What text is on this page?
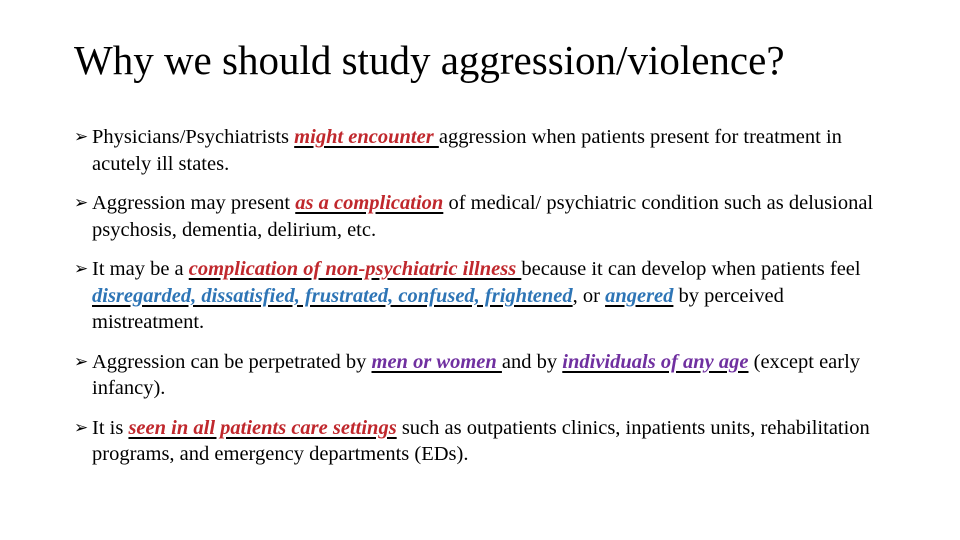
Why we should study aggression/violence?
➢ Physicians/Psychiatrists might encounter aggression when patients present for treatment in acutely ill states.
➢ Aggression may present as a complication of medical/ psychiatric condition such as delusional psychosis, dementia, delirium, etc.
➢ It may be a complication of non-psychiatric illness because it can develop when patients feel disregarded, dissatisfied, frustrated, confused, frightened, or angered by perceived mistreatment.
➢ Aggression can be perpetrated by men or women and by individuals of any age (except early infancy).
➢ It is seen in all patients care settings such as outpatients clinics, inpatients units, rehabilitation programs, and emergency departments (EDs).
